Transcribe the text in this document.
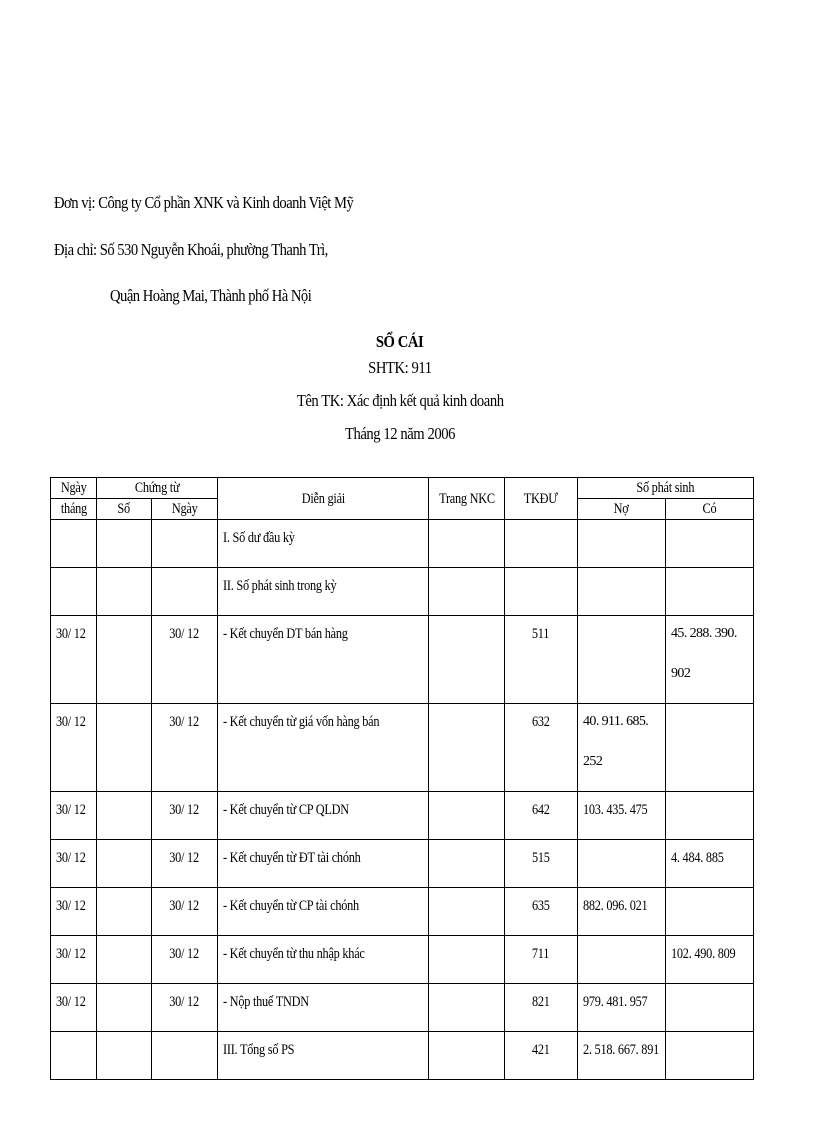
Đơn vị: Công ty Cổ phần XNK và Kinh doanh Việt Mỹ
Địa chỉ: Số 530 Nguyễn Khoái, phường Thanh Trì,
Quận Hoàng Mai, Thành phố Hà Nội
SỔ CÁI
SHTK: 911
Tên TK: Xác định kết quả kinh doanh
Tháng 12 năm 2006
Ngày	Chứng từ		Diễn giải	Trang NKC	TKĐƯ	Số phát sinh	
tháng	Số	Ngày				Nợ	Có
			I. Số dư đầu kỳ				
			II. Số phát sinh trong kỳ				
30/ 12		30/ 12	- Kết chuyển DT bán hàng		511		45. 288. 390. 902

30/ 12		30/ 12	- Kết chuyển từ giá vốn hàng bán		632	40. 911. 685. 252	

30/ 12		30/ 12	- Kết chuyển từ CP QLDN		642	103. 435. 475	
30/ 12		30/ 12	- Kết chuyển từ ĐT tài chónh		515		4. 484. 885
30/ 12		30/ 12	- Kết chuyển từ CP tài chónh		635	882. 096. 021	
30/ 12		30/ 12	- Kết chuyển từ thu nhập khác		711		102. 490. 809
30/ 12		30/ 12	- Nộp thuế TNDN		821	979. 481. 957	
			III. Tổng số PS		421	2. 518. 667. 891	
